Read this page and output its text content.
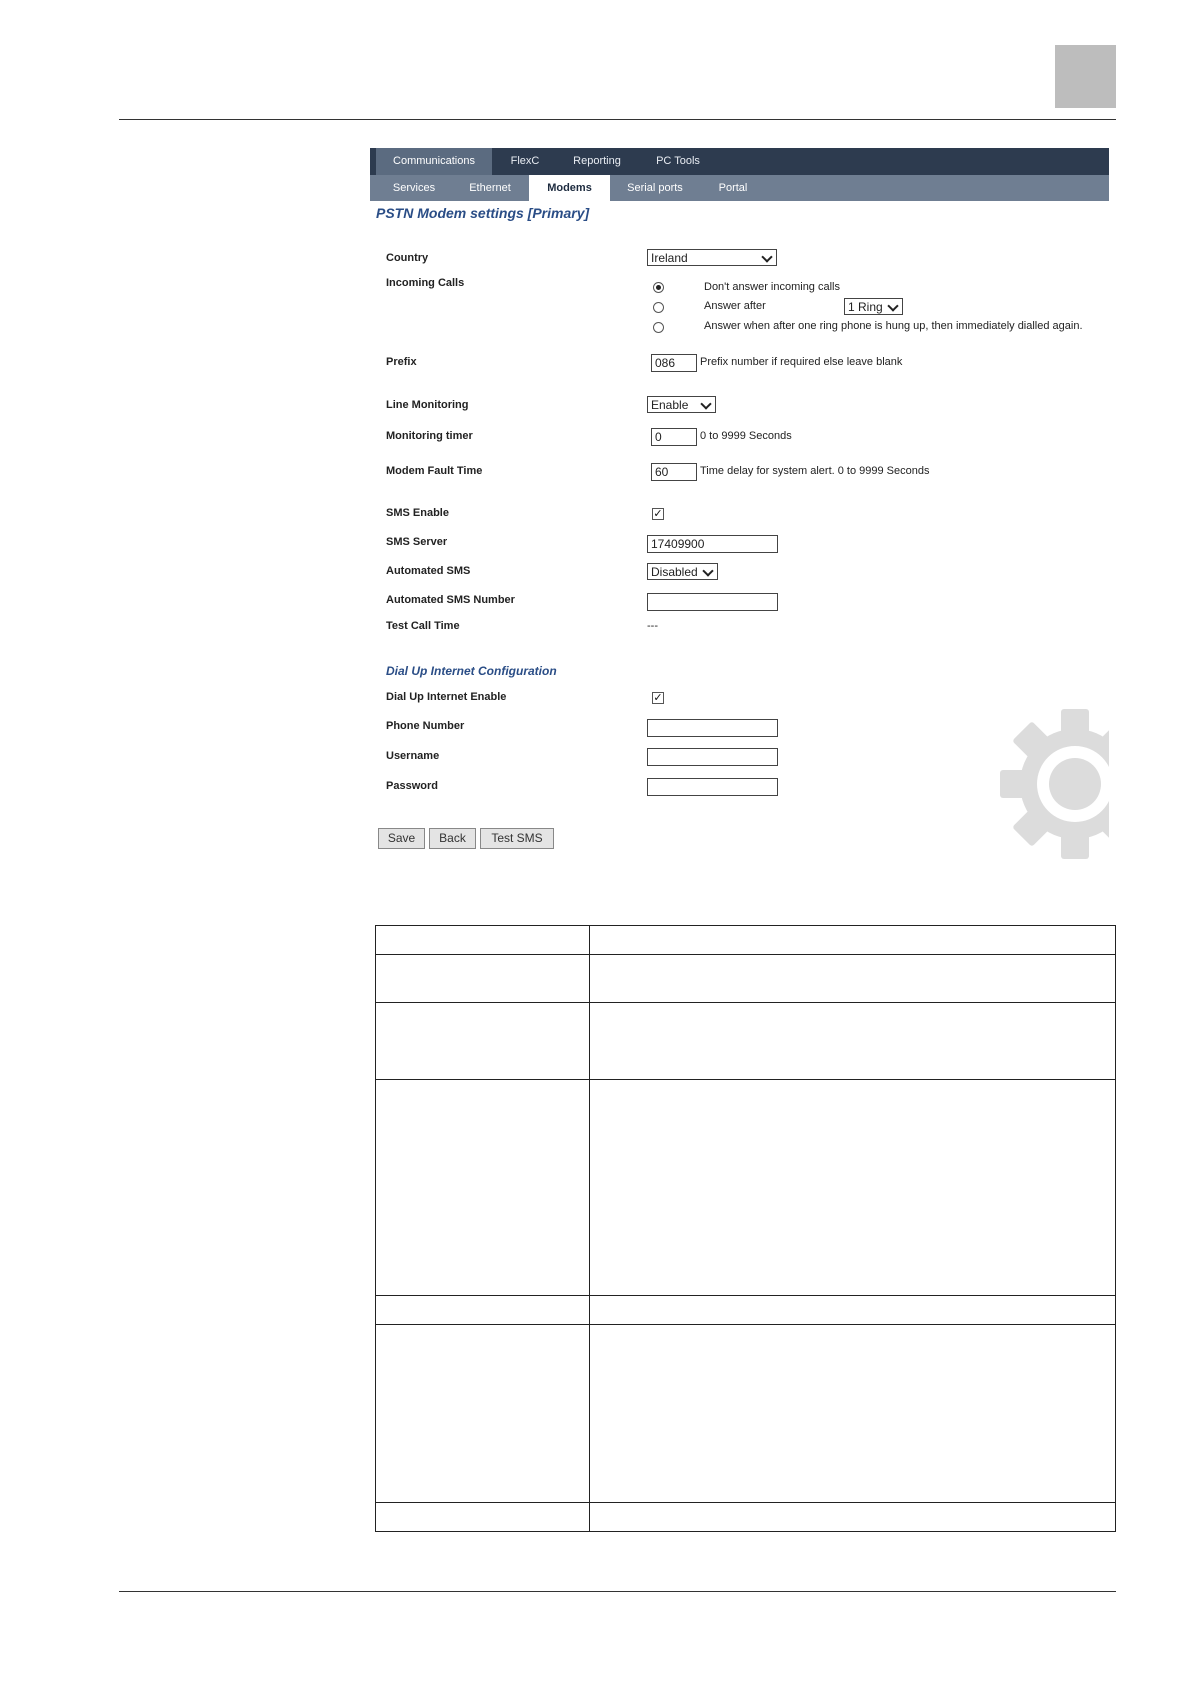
Communications	FlexC	Reporting	PC Tools
Services	Ethernet	Modems	Serial ports	Portal
PSTN Modem settings [Primary]
Country	Ireland
Incoming Calls	Don't answer incoming calls
Answer after	1 Ring
Answer when after one ring phone is hung up, then immediately dialled again.
Prefix	086	Prefix number if required else leave blank
Line Monitoring	Enable
Monitoring timer	0	0 to 9999 Seconds
Modem Fault Time	60	Time delay for system alert. 0 to 9999 Seconds
SMS Enable	✓
SMS Server	17409900
Automated SMS	Disabled
Automated SMS Number
Test Call Time	---
Dial Up Internet Configuration
Dial Up Internet Enable	✓
Phone Number
Username
Password
Save	Back	Test SMS
